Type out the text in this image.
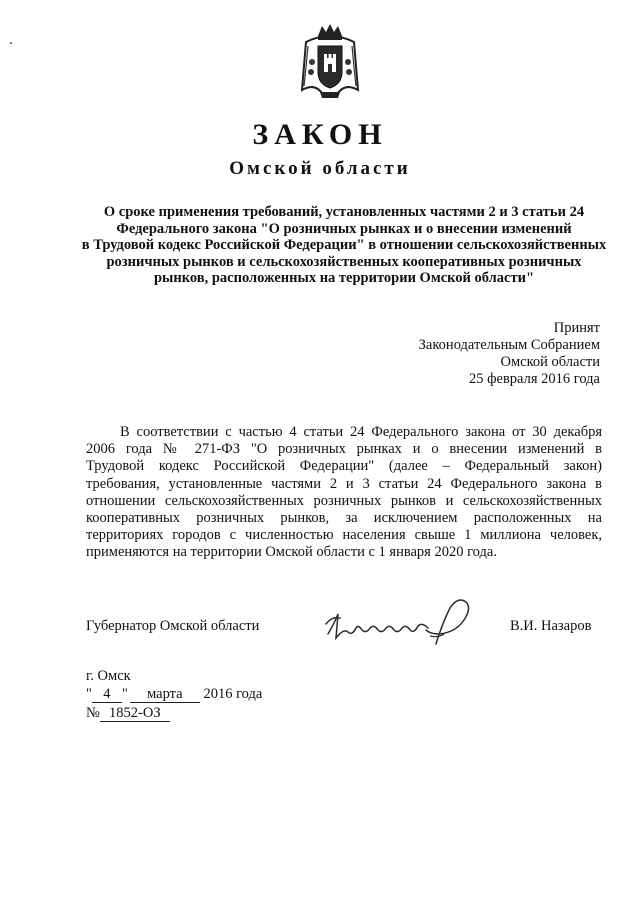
ЗАКОН
Омской области
О сроке применения требований, установленных частями 2 и 3 статьи 24
Федерального закона "О розничных рынках и о внесении изменений
в Трудовой кодекс Российской Федерации" в отношении сельскохозяйственных
розничных рынков и сельскохозяйственных кооперативных розничных
рынков, расположенных на территории Омской области"
Принят
Законодательным Собранием
Омской области
25 февраля 2016 года
В соответствии с частью 4 статьи 24 Федерального закона от 30 декабря
2006 года № 271-ФЗ "О розничных рынках и о внесении изменений в
Трудовой кодекс Российской Федерации" (далее – Федеральный закон)
требования, установленные частями 2 и 3 статьи 24 Федерального закона в
отношении сельскохозяйственных розничных рынков и сельскохозяйственных
кооперативных розничных рынков, за исключением расположенных на
территориях городов с численностью населения свыше 1 миллиона человек,
применяются на территории Омской области с 1 января 2020 года.
Губернатор Омской области	В.И. Назаров
г. Омск
" 4 " марта 2016 года
№ 1852-ОЗ
